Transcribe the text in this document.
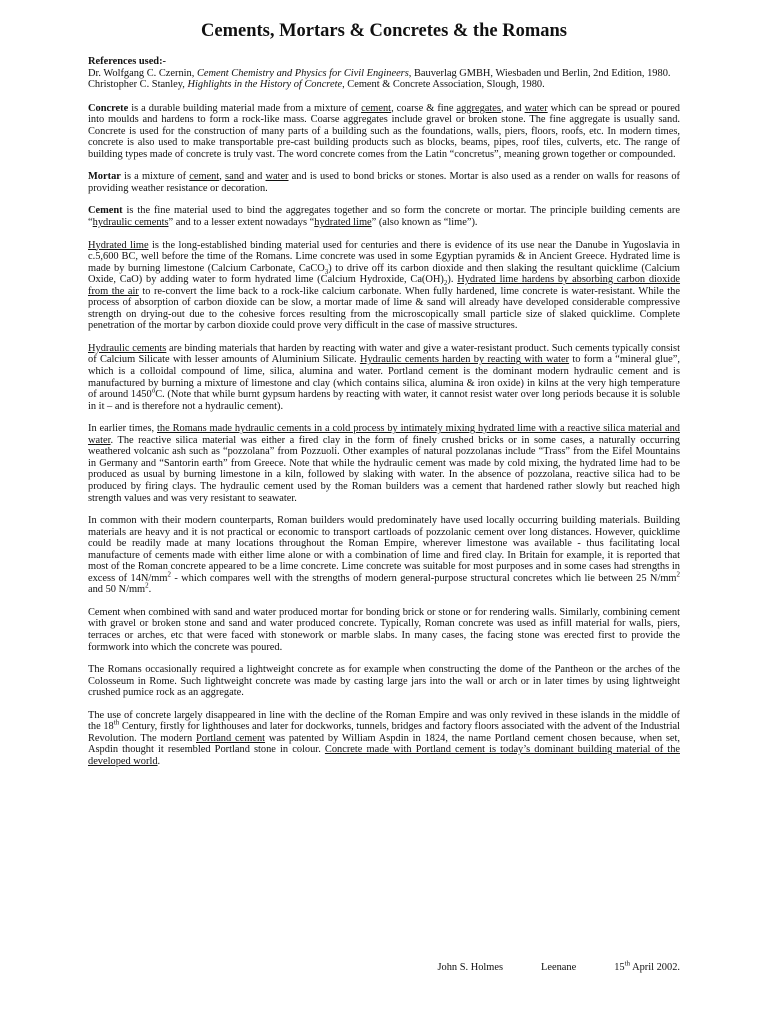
Cements, Mortars & Concretes & the Romans
References used:-
Dr. Wolfgang C. Czernin, Cement Chemistry and Physics for Civil Engineers, Bauverlag GMBH, Wiesbaden und Berlin, 2nd Edition, 1980.
Christopher C. Stanley, Highlights in the History of Concrete, Cement & Concrete Association, Slough, 1980.

Concrete is a durable building material made from a mixture of cement, coarse & fine aggregates, and water which can be spread or poured into moulds and hardens to form a rock-like mass. Coarse aggregates include gravel or broken stone. The fine aggregate is usually sand. Concrete is used for the construction of many parts of a building such as the foundations, walls, piers, floors, roofs, etc. In modern times, concrete is also used to make transportable pre-cast building products such as blocks, beams, pipes, roof tiles, culverts, etc. The range of building types made of concrete is truly vast. The word concrete comes from the Latin “concretus”, meaning grown together or compounded.

Mortar is a mixture of cement, sand and water and is used to bond bricks or stones. Mortar is also used as a render on walls for reasons of providing weather resistance or decoration.

Cement is the fine material used to bind the aggregates together and so form the concrete or mortar. The principle building cements are “hydraulic cements” and to a lesser extent nowadays “hydrated lime” (also known as “lime”).

Hydrated lime is the long-established binding material used for centuries and there is evidence of its use near the Danube in Yugoslavia in c.5,600 BC, well before the time of the Romans. Lime concrete was used in some Egyptian pyramids & in Ancient Greece. Hydrated lime is made by burning limestone (Calcium Carbonate, CaCO$_3$) to drive off its carbon dioxide and then slaking the resultant quicklime (Calcium Oxide, CaO) by adding water to form hydrated lime (Calcium Hydroxide, $Ca(OH)_2$). Hydrated lime hardens by absorbing carbon dioxide from the air to re-convert the lime back to a rock-like calcium carbonate. When fully hardened, lime concrete is water-resistant. While the process of absorption of carbon dioxide can be slow, a mortar made of lime & sand will already have developed considerable compressive strength on drying-out due to the cohesive forces resulting from the microscopically small particle size of slaked quicklime. Complete penetration of the mortar by carbon dioxide could prove very difficult in the case of massive structures.

Hydraulic cements are binding materials that harden by reacting with water and give a water-resistant product. Such cements typically consist of Calcium Silicate with lesser amounts of Aluminium Silicate. Hydraulic cements harden by reacting with water to form a “mineral glue”, which is a colloidal compound of lime, silica, alumina and water. Portland cement is the dominant modern hydraulic cement and is manufactured by burning a mixture of limestone and clay (which contains silica, alumina & iron oxide) in kilns at the very high temperature of around 1450$^o$C. (Note that while burnt gypsum hardens by reacting with water, it cannot resist water over long periods because it is soluble in it – and is therefore not a hydraulic cement).

In earlier times, the Romans made hydraulic cements in a cold process by intimately mixing hydrated lime with a reactive silica material and water. The reactive silica material was either a fired clay in the form of finely crushed bricks or in some cases, a naturally occurring weathered volcanic ash such as “pozzolana” from Pozzuoli. Other examples of natural pozzolanas include “Trass” from the Eifel Mountains in Germany and “Santorin earth” from Greece. Note that while the hydraulic cement was made by cold mixing, the hydrated lime had to be produced as usual by burning limestone in a kiln, followed by slaking with water. In the absence of pozzolana, reactive silica had to be produced by firing clays. The hydraulic cement used by the Roman builders was a cement that hardened rather slowly but reached high strength values and was very resistant to seawater.

In common with their modern counterparts, Roman builders would predominately have used locally occurring building materials. Building materials are heavy and it is not practical or economic to transport cartloads of pozzolanic cement over long distances. However, quicklime could be readily made at many locations throughout the Roman Empire, wherever limestone was available - thus facilitating local manufacture of cements made with either lime alone or with a combination of lime and fired clay. In Britain for example, it is reported that most of the Roman concrete appeared to be a lime concrete. Lime concrete was suitable for most purposes and in some cases had strengths in excess of $14N/mm^2$ - which compares well with the strengths of modern general-purpose structural concretes which lie between 25 $N/mm^2$ and 50 $N/mm^2$.

Cement when combined with sand and water produced mortar for bonding brick or stone or for rendering walls. Similarly, combining cement with gravel or broken stone and sand and water produced concrete. Typically, Roman concrete was used as infill material for walls, piers, terraces or arches, etc that were faced with stonework or marble slabs. In many cases, the facing stone was erected first to provide the formwork into which the concrete was poured.

The Romans occasionally required a lightweight concrete as for example when constructing the dome of the Pantheon or the arches of the Colosseum in Rome. Such lightweight concrete was made by casting large jars into the wall or arch or in later times by using lightweight crushed pumice rock as an aggregate.

The use of concrete largely disappeared in line with the decline of the Roman Empire and was only revived in these islands in the middle of the 18th Century, firstly for lighthouses and later for dockworks, tunnels, bridges and factory floors associated with the advent of the Industrial Revolution. The modern Portland cement was patented by William Aspdin in 1824, the name Portland cement chosen because, when set, Aspdin thought it resembled Portland stone in colour. Concrete made with Portland cement is today’s dominant building material of the developed world.

John S. Holmes	Leenane	15th April 2002.
